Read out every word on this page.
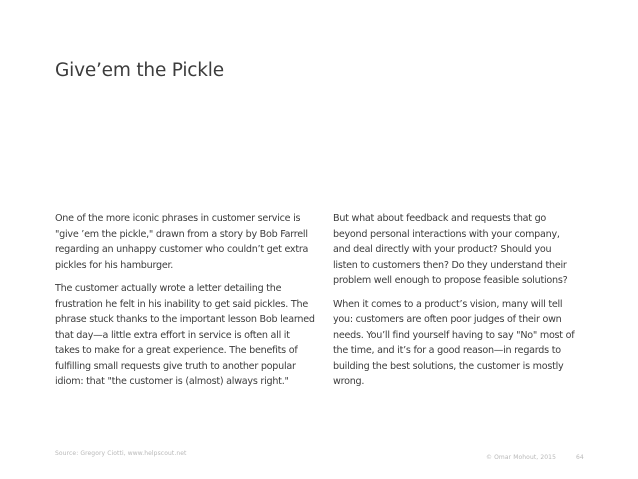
Give’em the Pickle

One of the more iconic phrases in customer service is "give ’em the pickle," drawn from a story by Bob Farrell regarding an unhappy customer who couldn’t get extra pickles for his hamburger.

The customer actually wrote a letter detailing the frustration he felt in his inability to get said pickles. The phrase stuck thanks to the important lesson Bob learned that day—a little extra effort in service is often all it takes to make for a great experience. The benefits of fulfilling small requests give truth to another popular idiom: that "the customer is (almost) always right."

But what about feedback and requests that go beyond personal interactions with your company, and deal directly with your product? Should you listen to customers then? Do they understand their problem well enough to propose feasible solutions?

When it comes to a product’s vision, many will tell you: customers are often poor judges of their own needs. You’ll find yourself having to say "No" most of the time, and it’s for a good reason—in regards to building the best solutions, the customer is mostly wrong.

Source: Gregory Ciotti, www.helpscout.net
© Omar Mohout, 2015	64
